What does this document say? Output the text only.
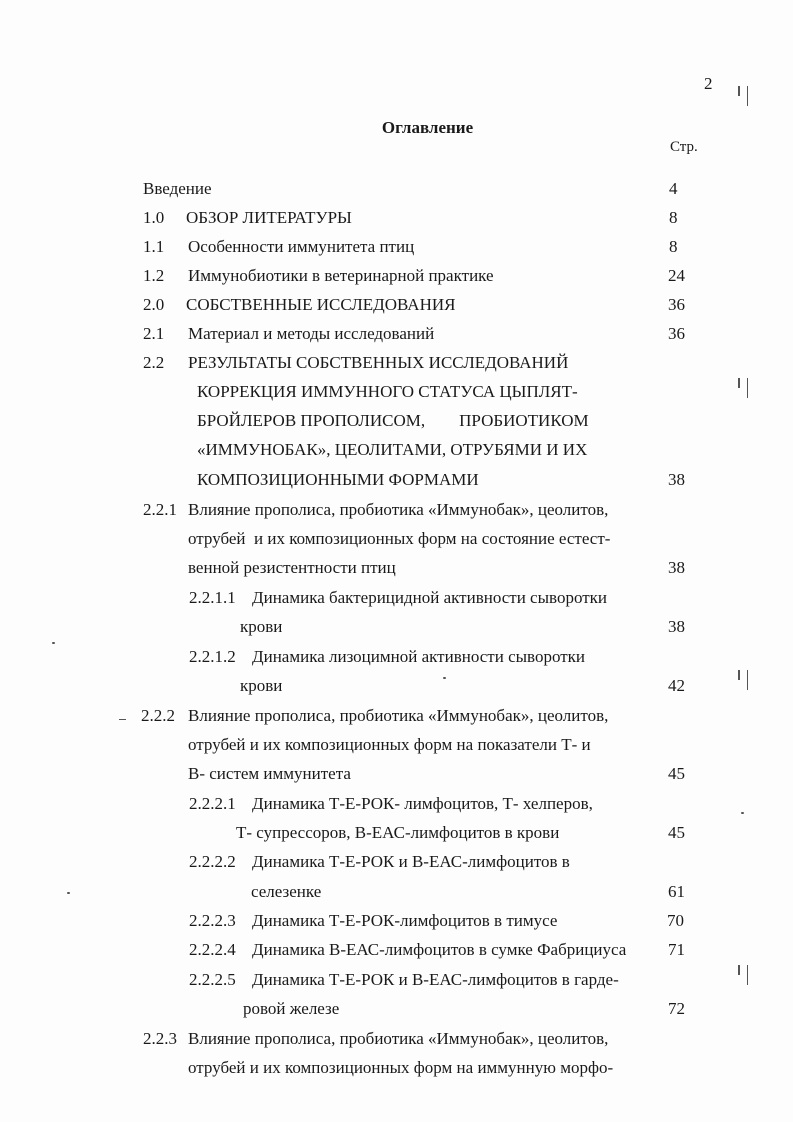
2
Оглавление
Стр.
Введение	4
1.0 ОБЗОР ЛИТЕРАТУРЫ	8
1.1 Особенности иммунитета птиц	8
1.2 Иммунобиотики в ветеринарной практике	24
2.0 СОБСТВЕННЫЕ ИССЛЕДОВАНИЯ	36
2.1 Материал и методы исследований	36
2.2 РЕЗУЛЬТАТЫ СОБСТВЕННЫХ ИССЛЕДОВАНИЙ
КОРРЕКЦИЯ ИММУННОГО СТАТУСА ЦЫПЛЯТ-
БРОЙЛЕРОВ ПРОПОЛИСОМ,        ПРОБИОТИКОМ
«ИММУНОБАК», ЦЕОЛИТАМИ, ОТРУБЯМИ И ИХ
КОМПОЗИЦИОННЫМИ ФОРМАМИ	38
2.2.1 Влияние прополиса, пробиотика «Иммунобак», цеолитов,
отрубей  и их композиционных форм на состояние естест-
венной резистентности птиц	38
2.2.1.1 Динамика бактерицидной активности сыворотки
крови	38
2.2.1.2 Динамика лизоцимной активности сыворотки
крови	42
2.2.2 Влияние прополиса, пробиотика «Иммунобак», цеолитов,
отрубей и их композиционных форм на показатели Т- и
В- систем иммунитета	45
2.2.2.1 Динамика Т-Е-РОК- лимфоцитов, Т- хелперов,
Т- супрессоров, В-ЕАС-лимфоцитов в крови	45
2.2.2.2 Динамика Т-Е-РОК и В-ЕАС-лимфоцитов в
селезенке	61
2.2.2.3 Динамика Т-Е-РОК-лимфоцитов в тимусе	70
2.2.2.4 Динамика В-ЕАС-лимфоцитов в сумке Фабрициуса 71
2.2.2.5 Динамика Т-Е-РОК и В-ЕАС-лимфоцитов в гарде-
ровой железе	72
2.2.3 Влияние прополиса, пробиотика «Иммунобак», цеолитов,
отрубей и их композиционных форм на иммунную морфо-
